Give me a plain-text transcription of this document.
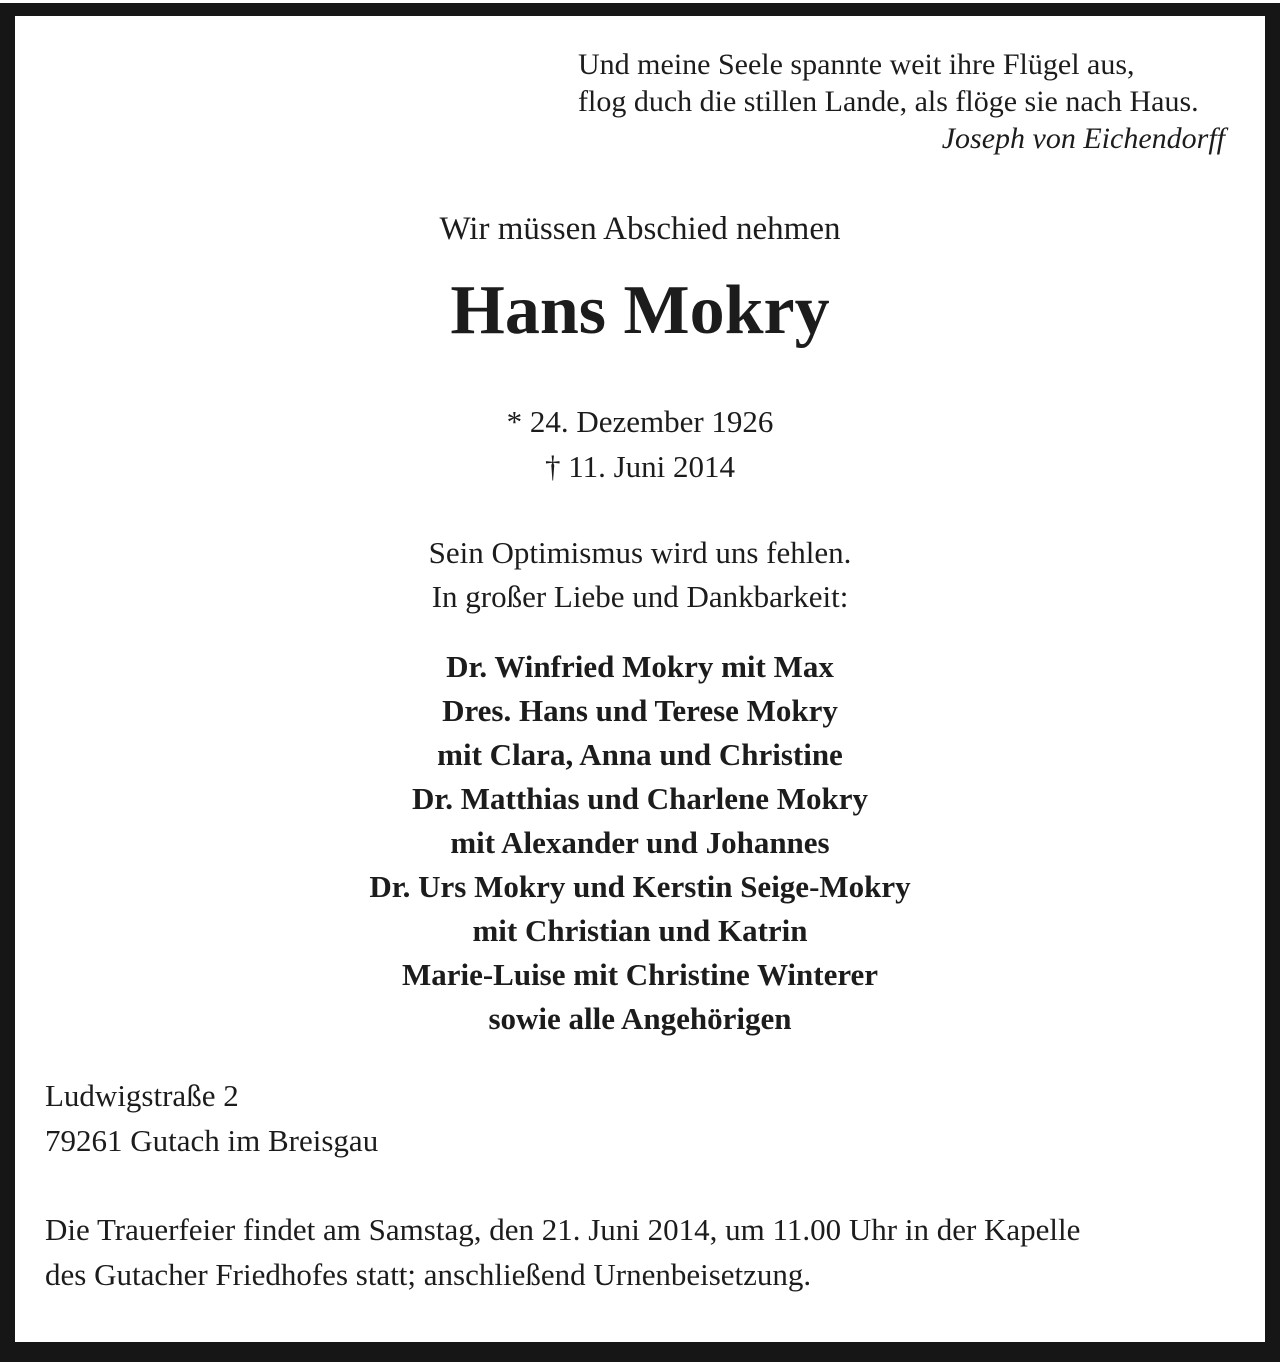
Und meine Seele spannte weit ihre Flügel aus,
flog duch die stillen Lande, als flöge sie nach Haus.
Joseph von Eichendorff
Wir müssen Abschied nehmen
Hans Mokry
* 24. Dezember 1926
† 11. Juni 2014
Sein Optimismus wird uns fehlen.
In großer Liebe und Dankbarkeit:
Dr. Winfried Mokry mit Max
Dres. Hans und Terese Mokry
mit Clara, Anna und Christine
Dr. Matthias und Charlene Mokry
mit Alexander und Johannes
Dr. Urs Mokry und Kerstin Seige-Mokry
mit Christian und Katrin
Marie-Luise mit Christine Winterer
sowie alle Angehörigen
Ludwigstraße 2
79261 Gutach im Breisgau
Die Trauerfeier findet am Samstag, den 21. Juni 2014, um 11.00 Uhr in der Kapelle
des Gutacher Friedhofes statt; anschließend Urnenbeisetzung.
